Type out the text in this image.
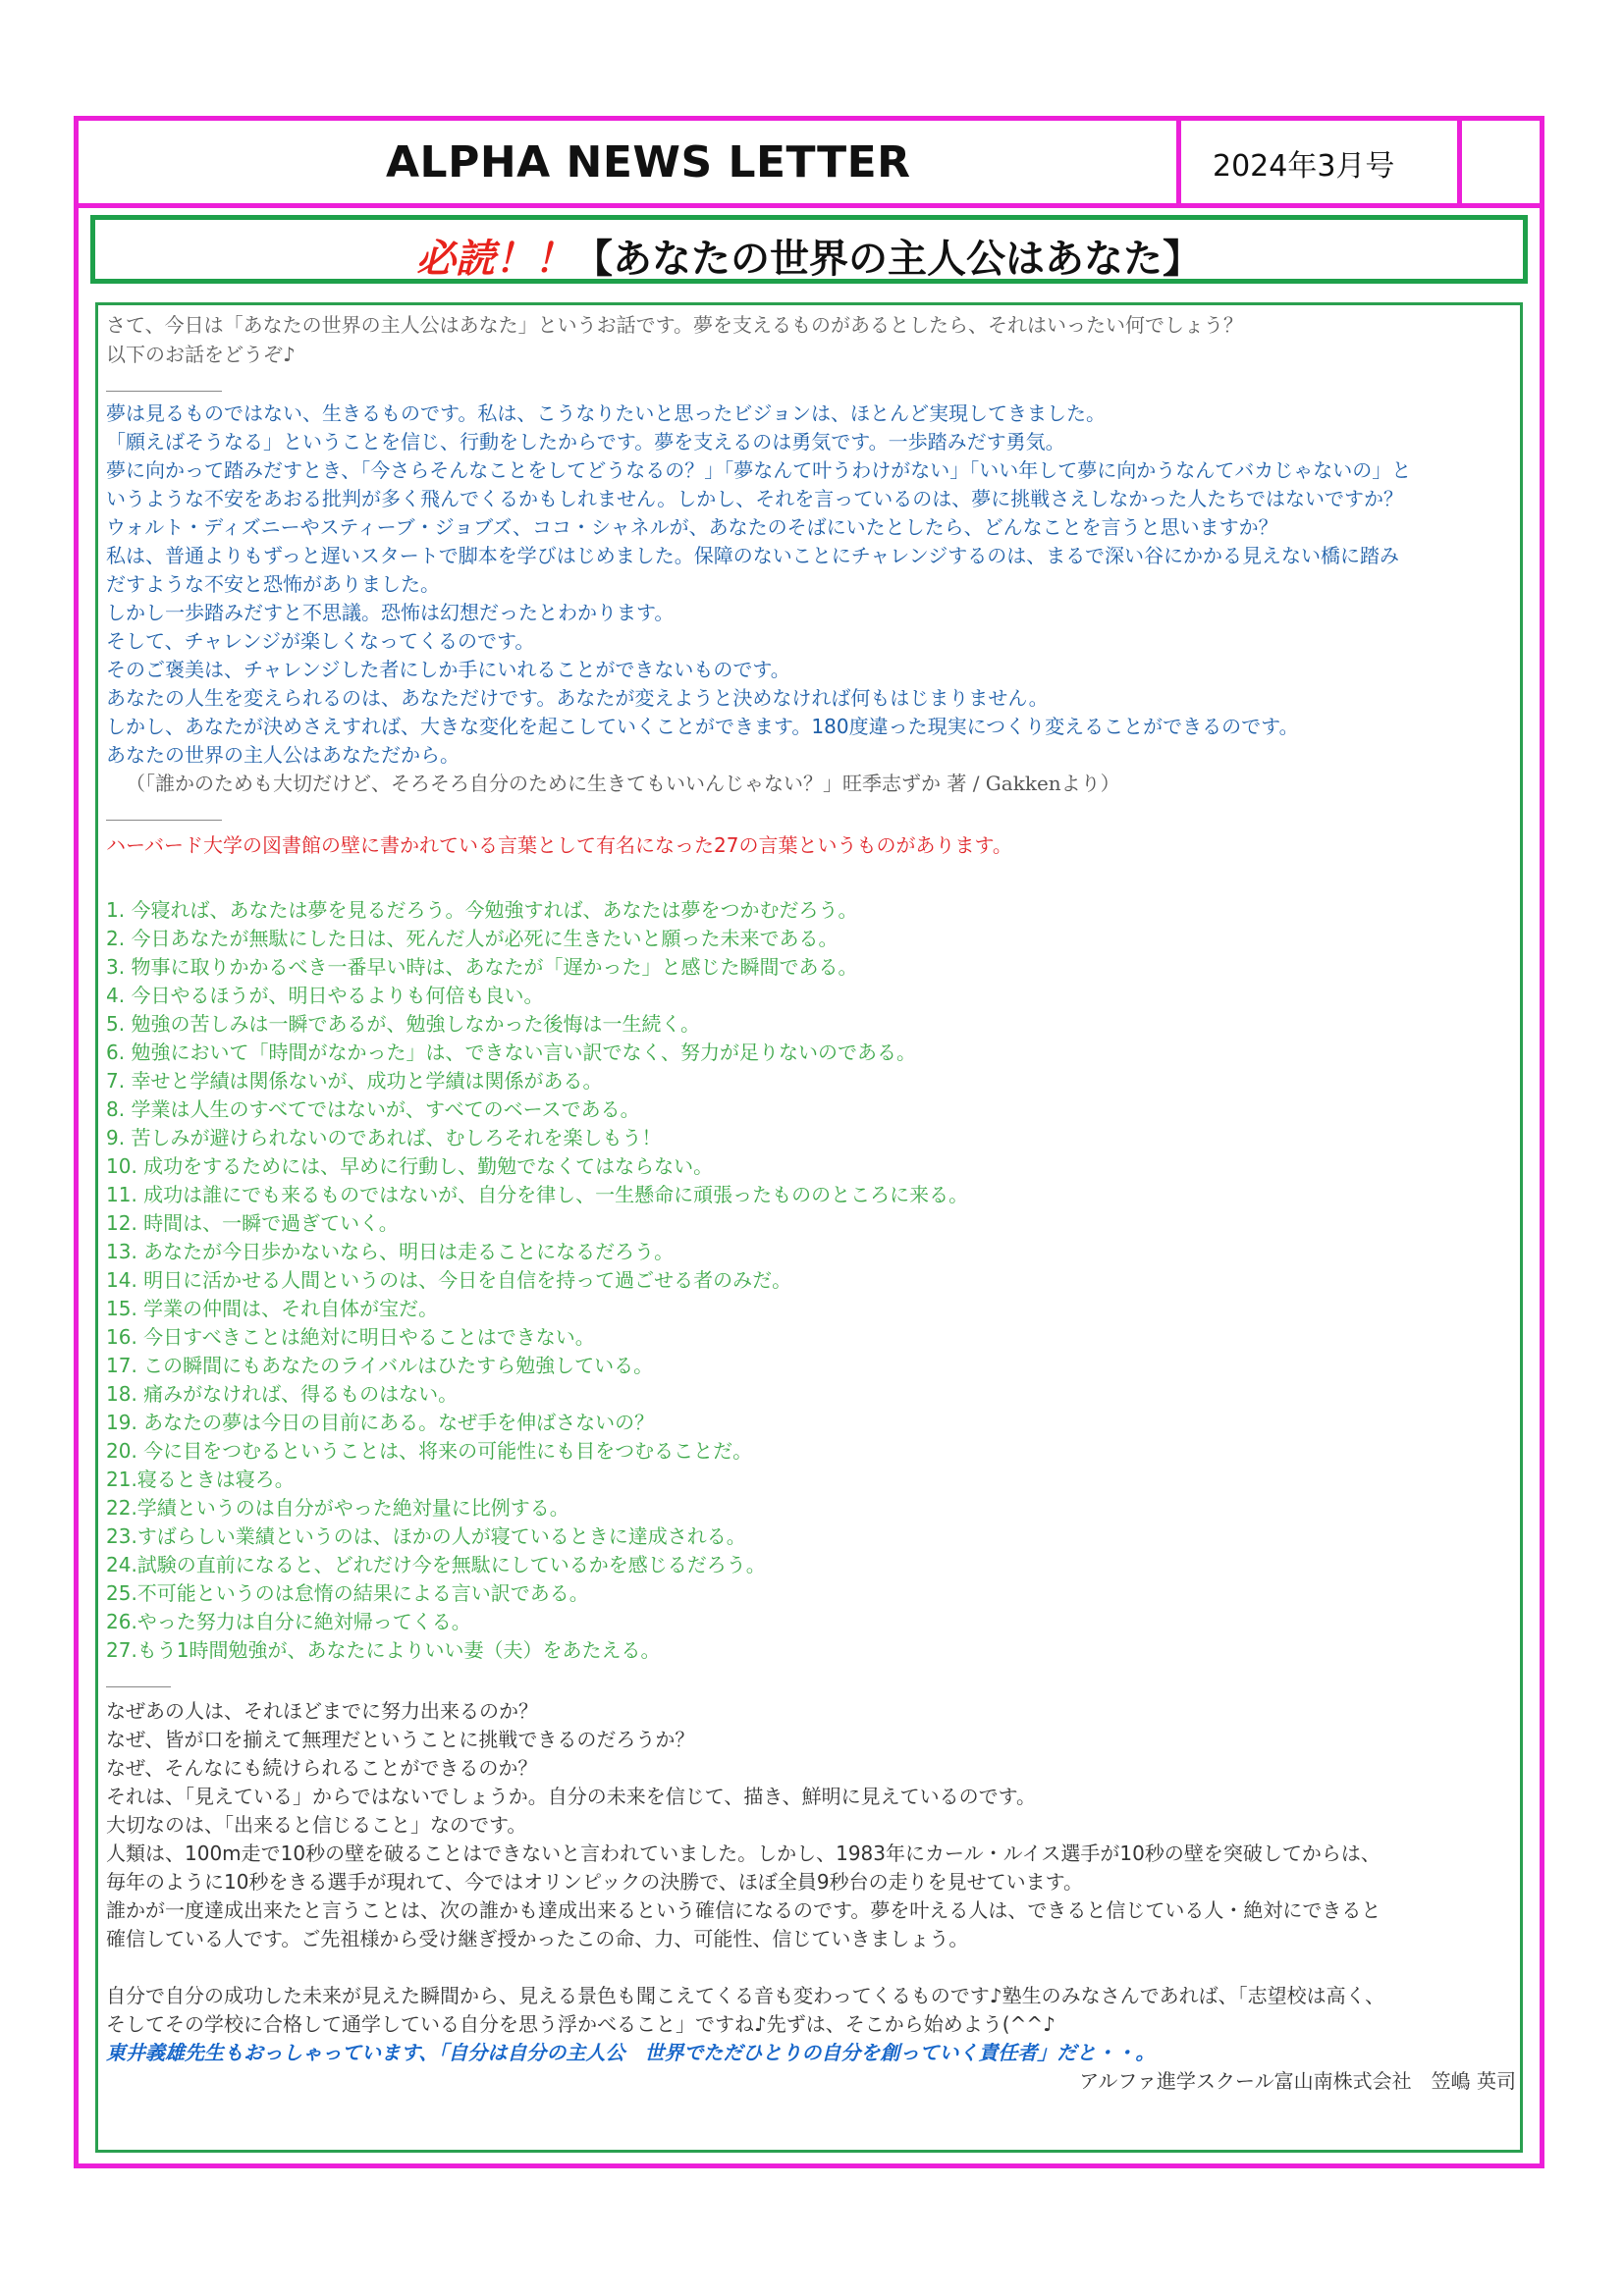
ALPHA NEWS LETTER	2024年3月号
必読！！【あなたの世界の主人公はあなた】
さて、今日は「あなたの世界の主人公はあなた」というお話です。夢を支えるものがあるとしたら、それはいったい何でしょう？
以下のお話をどうぞ♪
夢は見るものではない、生きるものです。私は、こうなりたいと思ったビジョンは、ほとんど実現してきました。
「願えばそうなる」ということを信じ、行動をしたからです。夢を支えるのは勇気です。一歩踏みだす勇気。
夢に向かって踏みだすとき、「今さらそんなことをしてどうなるの？」「夢なんて叶うわけがない」「いい年して夢に向かうなんてバカじゃないの」と
いうような不安をあおる批判が多く飛んでくるかもしれません。しかし、それを言っているのは、夢に挑戦さえしなかった人たちではないですか？
ウォルト・ディズニーやスティーブ・ジョブズ、ココ・シャネルが、あなたのそばにいたとしたら、どんなことを言うと思いますか？
私は、普通よりもずっと遅いスタートで脚本を学びはじめました。保障のないことにチャレンジするのは、まるで深い谷にかかる見えない橋に踏み
だすような不安と恐怖がありました。
しかし一歩踏みだすと不思議。恐怖は幻想だったとわかります。
そして、チャレンジが楽しくなってくるのです。
そのご褒美は、チャレンジした者にしか手にいれることができないものです。
あなたの人生を変えられるのは、あなただけです。あなたが変えようと決めなければ何もはじまりません。
しかし、あなたが決めさえすれば、大きな変化を起こしていくことができます。180度違った現実につくり変えることができるのです。
あなたの世界の主人公はあなただから。
（「誰かのためも大切だけど、そろそろ自分のために生きてもいいんじゃない？」旺季志ずか 著 / Gakkenより）
ハーバード大学の図書館の壁に書かれている言葉として有名になった27の言葉というものがあります。
1. 今寝れば、あなたは夢を見るだろう。今勉強すれば、あなたは夢をつかむだろう。
2. 今日あなたが無駄にした日は、死んだ人が必死に生きたいと願った未来である。
3. 物事に取りかかるべき一番早い時は、あなたが「遅かった」と感じた瞬間である。
4. 今日やるほうが、明日やるよりも何倍も良い。
5. 勉強の苦しみは一瞬であるが、勉強しなかった後悔は一生続く。
6. 勉強において「時間がなかった」は、できない言い訳でなく、努力が足りないのである。
7. 幸せと学績は関係ないが、成功と学績は関係がある。
8. 学業は人生のすべてではないが、すべてのベースである。
9. 苦しみが避けられないのであれば、むしろそれを楽しもう！
10. 成功をするためには、早めに行動し、勤勉でなくてはならない。
11. 成功は誰にでも来るものではないが、自分を律し、一生懸命に頑張ったもののところに来る。
12. 時間は、一瞬で過ぎていく。
13. あなたが今日歩かないなら、明日は走ることになるだろう。
14. 明日に活かせる人間というのは、今日を自信を持って過ごせる者のみだ。
15. 学業の仲間は、それ自体が宝だ。
16. 今日すべきことは絶対に明日やることはできない。
17. この瞬間にもあなたのライバルはひたすら勉強している。
18. 痛みがなければ、得るものはない。
19. あなたの夢は今日の目前にある。なぜ手を伸ばさないの？
20. 今に目をつむるということは、将来の可能性にも目をつむることだ。
21.寝るときは寝ろ。
22.学績というのは自分がやった絶対量に比例する。
23.すばらしい業績というのは、ほかの人が寝ているときに達成される。
24.試験の直前になると、どれだけ今を無駄にしているかを感じるだろう。
25.不可能というのは怠惰の結果による言い訳である。
26.やった努力は自分に絶対帰ってくる。
27.もう1時間勉強が、あなたによりいい妻（夫）をあたえる。
なぜあの人は、それほどまでに努力出来るのか？
なぜ、皆が口を揃えて無理だということに挑戦できるのだろうか？
なぜ、そんなにも続けられることができるのか？
それは、「見えている」からではないでしょうか。自分の未来を信じて、描き、鮮明に見えているのです。
大切なのは、「出来ると信じること」なのです。
人類は、100m走で10秒の壁を破ることはできないと言われていました。しかし、1983年にカール・ルイス選手が10秒の壁を突破してからは、
毎年のように10秒をきる選手が現れて、今ではオリンピックの決勝で、ほぼ全員9秒台の走りを見せています。
誰かが一度達成出来たと言うことは、次の誰かも達成出来るという確信になるのです。夢を叶える人は、できると信じている人・絶対にできると
確信している人です。ご先祖様から受け継ぎ授かったこの命、力、可能性、信じていきましょう。
自分で自分の成功した未来が見えた瞬間から、見える景色も聞こえてくる音も変わってくるものです♪塾生のみなさんであれば、「志望校は高く、
そしてその学校に合格して通学している自分を思う浮かべること」ですね♪先ずは、そこから始めよう(^^♪
東井義雄先生もおっしゃっています、「自分は自分の主人公　世界でただひとりの自分を創っていく責任者」だと・・。
アルファ進学スクール富山南株式会社　笠嶋 英司
